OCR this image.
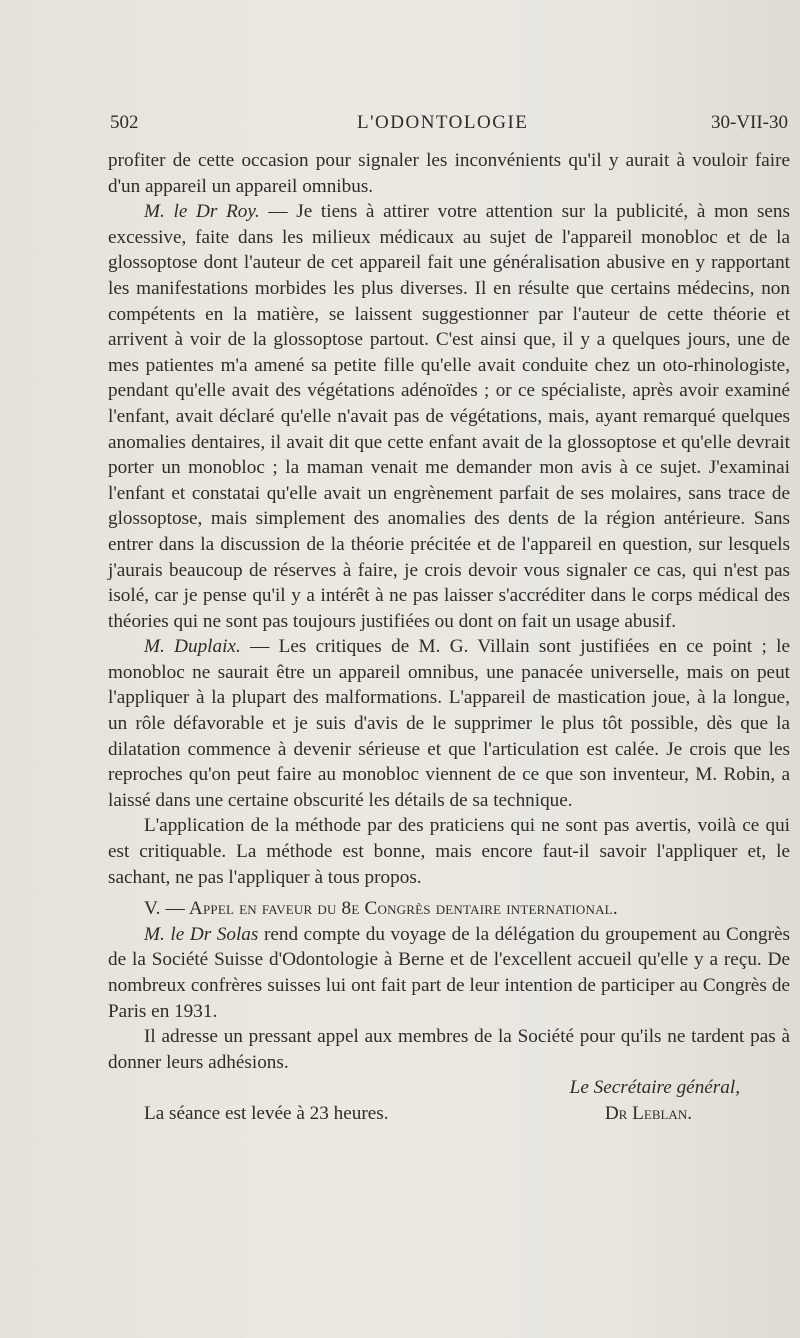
502	L'ODONTOLOGIE	30-VII-30

profiter de cette occasion pour signaler les inconvénients qu'il y aurait à vouloir faire d'un appareil un appareil omnibus.

M. le Dr Roy. — Je tiens à attirer votre attention sur la publicité, à mon sens excessive, faite dans les milieux médicaux au sujet de l'appareil monobloc et de la glossoptose dont l'auteur de cet appareil fait une généralisation abusive en y rapportant les manifestations morbides les plus diverses. Il en résulte que certains médecins, non compétents en la matière, se laissent suggestionner par l'auteur de cette théorie et arrivent à voir de la glossoptose partout. C'est ainsi que, il y a quelques jours, une de mes patientes m'a amené sa petite fille qu'elle avait conduite chez un oto-rhinologiste, pendant qu'elle avait des végétations adénoïdes ; or ce spécialiste, après avoir examiné l'enfant, avait déclaré qu'elle n'avait pas de végétations, mais, ayant remarqué quelques anomalies dentaires, il avait dit que cette enfant avait de la glossoptose et qu'elle devrait porter un monobloc ; la maman venait me demander mon avis à ce sujet. J'examinai l'enfant et constatai qu'elle avait un engrènement parfait de ses molaires, sans trace de glossoptose, mais simplement des anomalies des dents de la région antérieure. Sans entrer dans la discussion de la théorie précitée et de l'appareil en question, sur lesquels j'aurais beaucoup de réserves à faire, je crois devoir vous signaler ce cas, qui n'est pas isolé, car je pense qu'il y a intérêt à ne pas laisser s'accréditer dans le corps médical des théories qui ne sont pas toujours justifiées ou dont on fait un usage abusif.

M. Duplaix. — Les critiques de M. G. Villain sont justifiées en ce point ; le monobloc ne saurait être un appareil omnibus, une panacée universelle, mais on peut l'appliquer à la plupart des malformations. L'appareil de mastication joue, à la longue, un rôle défavorable et je suis d'avis de le supprimer le plus tôt possible, dès que la dilatation commence à devenir sérieuse et que l'articulation est calée. Je crois que les reproches qu'on peut faire au monobloc viennent de ce que son inventeur, M. Robin, a laissé dans une certaine obscurité les détails de sa technique.

L'application de la méthode par des praticiens qui ne sont pas avertis, voilà ce qui est critiquable. La méthode est bonne, mais encore faut-il savoir l'appliquer et, le sachant, ne pas l'appliquer à tous propos.

V. — Appel en faveur du 8e Congrès dentaire international.

M. le Dr Solas rend compte du voyage de la délégation du groupement au Congrès de la Société Suisse d'Odontologie à Berne et de l'excellent accueil qu'elle y a reçu. De nombreux confrères suisses lui ont fait part de leur intention de participer au Congrès de Paris en 1931.

Il adresse un pressant appel aux membres de la Société pour qu'ils ne tardent pas à donner leurs adhésions.

Le Secrétaire général,
La séance est levée à 23 heures.	Dr Leblan.
